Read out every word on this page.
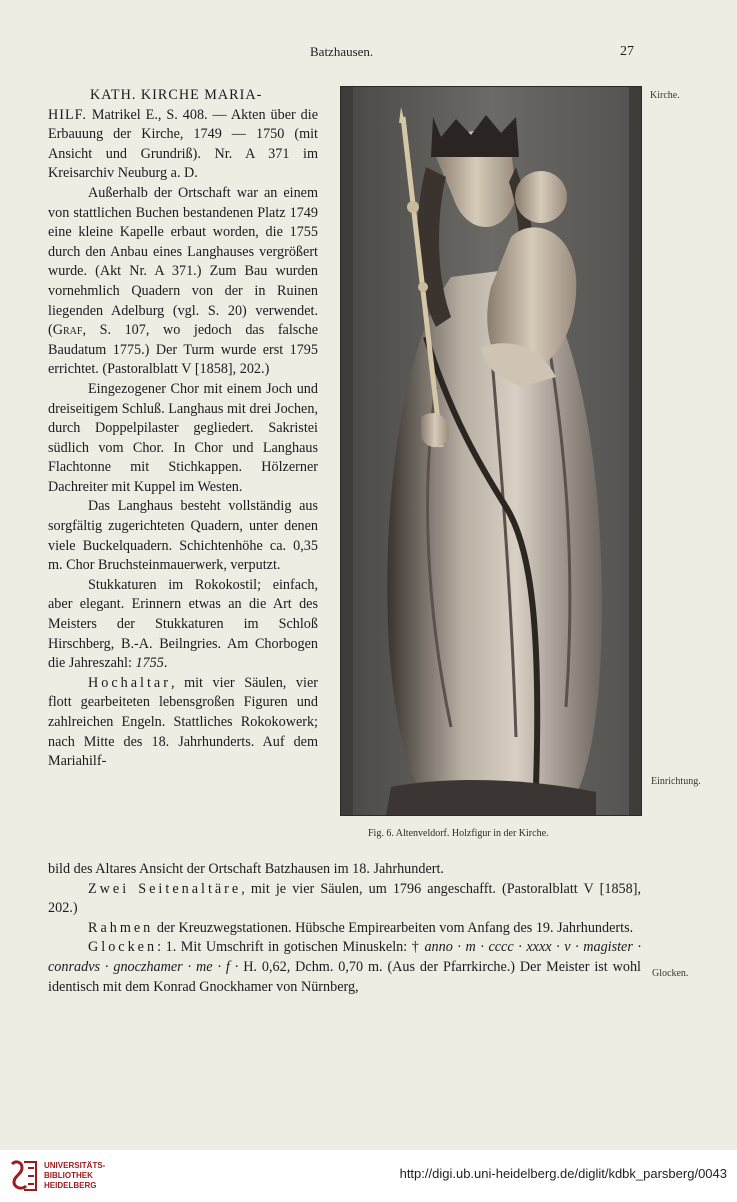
Batzhausen.	27
Kirche.
Einrichtung.
Glocken.

KATH. KIRCHE MARIA-
HILF. Matrikel E., S. 408. — Akten über die Erbauung der Kirche, 1749 — 1750 (mit Ansicht und Grundriß). Nr. A 371 im Kreisarchiv Neuburg a. D.

Außerhalb der Ortschaft war an einem von stattlichen Buchen bestandenen Platz 1749 eine kleine Kapelle erbaut worden, die 1755 durch den Anbau eines Langhauses vergrößert wurde. (Akt Nr. A 371.) Zum Bau wurden vornehmlich Quadern von der in Ruinen liegenden Adelburg (vgl. S. 20) verwendet. (Graf, S. 107, wo jedoch das falsche Baudatum 1775.) Der Turm wurde erst 1795 errichtet. (Pastoralblatt V [1858], 202.)

Eingezogener Chor mit einem Joch und dreiseitigem Schluß. Langhaus mit drei Jochen, durch Doppelpilaster gegliedert. Sakristei südlich vom Chor. In Chor und Langhaus Flachtonne mit Stichkappen. Hölzerner Dachreiter mit Kuppel im Westen.

Das Langhaus besteht vollständig aus sorgfältig zugerichteten Quadern, unter denen viele Buckelquadern. Schichtenhöhe ca. 0,35 m. Chor Bruchsteinmauerwerk, verputzt.

Stukkaturen im Rokokostil; einfach, aber elegant. Erinnern etwas an die Art des Meisters der Stukkaturen im Schloß Hirschberg, B.-A. Beilngries. Am Chorbogen die Jahreszahl: 1755.

Hochaltar, mit vier Säulen, vier flott gearbeiteten lebensgroßen Figuren und zahlreichen Engeln. Stattliches Rokokowerk; nach Mitte des 18. Jahrhunderts. Auf dem Mariahilf-

Fig. 6. Altenveldorf. Holzfigur in der Kirche.

bild des Altares Ansicht der Ortschaft Batzhausen im 18. Jahrhundert.

Zwei Seitenaltäre, mit je vier Säulen, um 1796 angeschafft. (Pastoralblatt V [1858], 202.)

Rahmen der Kreuzwegstationen. Hübsche Empirearbeiten vom Anfang des 19. Jahrhunderts.

Glocken: 1. Mit Umschrift in gotischen Minuskeln: † anno · m · cccc · xxxx · v · magister · conradvs · gnoczhamer · me · f · H. 0,62, Dchm. 0,70 m. (Aus der Pfarrkirche.) Der Meister ist wohl identisch mit dem Konrad Gnockhamer von Nürnberg,

UNIVERSITÄTS-
BIBLIOTHEK
HEIDELBERG
http://digi.ub.uni-heidelberg.de/diglit/kdbk_parsberg/0043
